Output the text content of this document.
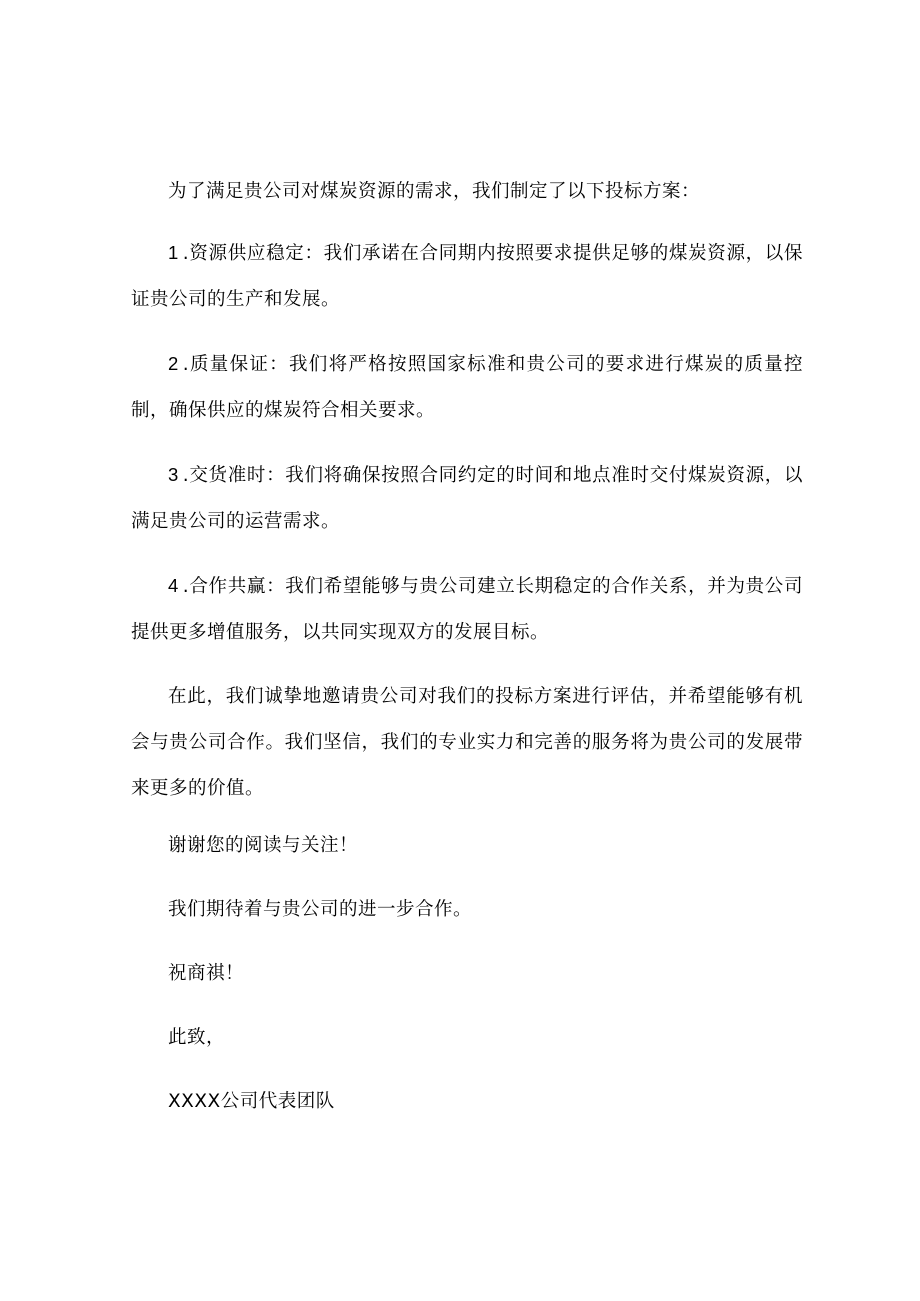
为了满足贵公司对煤炭资源的需求，我们制定了以下投标方案：

1 .资源供应稳定：我们承诺在合同期内按照要求提供足够的煤炭资源，以保证贵公司的生产和发展。

2 .质量保证：我们将严格按照国家标准和贵公司的要求进行煤炭的质量控制，确保供应的煤炭符合相关要求。

3 .交货准时：我们将确保按照合同约定的时间和地点准时交付煤炭资源，以满足贵公司的运营需求。

4 .合作共赢：我们希望能够与贵公司建立长期稳定的合作关系，并为贵公司提供更多增值服务，以共同实现双方的发展目标。

在此，我们诚挚地邀请贵公司对我们的投标方案进行评估，并希望能够有机会与贵公司合作。我们坚信，我们的专业实力和完善的服务将为贵公司的发展带来更多的价值。

谢谢您的阅读与关注！

我们期待着与贵公司的进一步合作。

祝商祺！

此致，

XXXX公司代表团队
